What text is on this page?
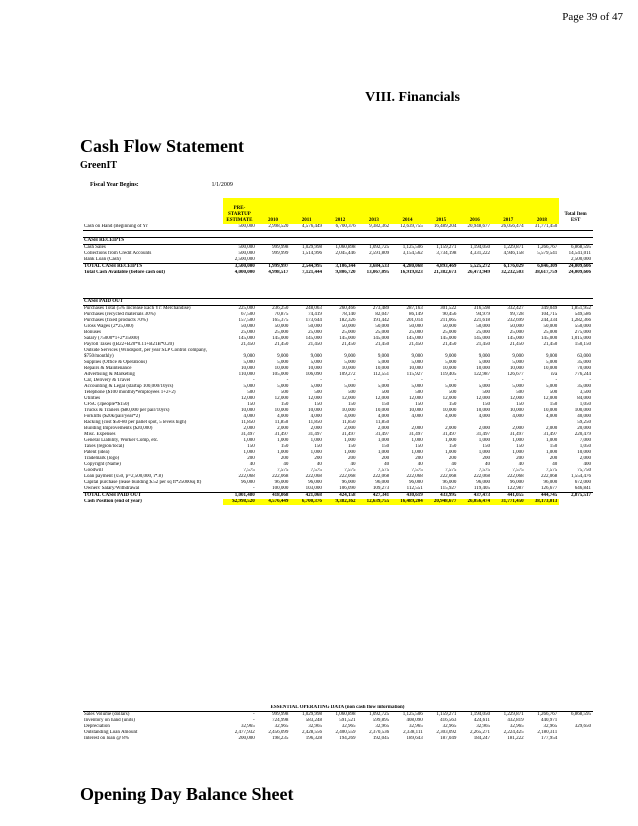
Page 39 of 47
VIII. Financials
Cash Flow Statement
GreenIT
Fiscal Year Begins:	1/1/2009
	PRE-STARTUP ESTIMATE	2010	2011	2012	2013	2014	2015	2016	2017	2018	Total Item EST
Cash on Hand (Beginning of Yr	500,000	2,998,520	4,576,449	6,700,376	9,382,362	12,639,755	16,489,204	20,948,677	26,056,474	31,771,450	
CASH RECEIPTS											
Cash Sales	500,000	999,998	1,029,998	1,060,898	1,092,725	1,125,506	1,159,271	1,194,050	1,229,871	1,266,767	6,868,595
Collections from Credit Accounts	500,000	999,999	1,514,996	2,045,446	2,591,809	3,154,562	3,734,198	4,331,222	4,946,158	5,579,541	14,541,011
Bank Loan (Cash)	2,500,000										2,500,000
TOTAL CASH RECEIPTS	3,500,000	1,999,997	2,544,995	3,106,344	3,684,533	4,280,068	4,893,469	5,525,272	6,176,029	6,846,309	24,009,606
Total Cash Available (before cash out)	4,000,000	4,998,517	7,121,444	9,806,720	13,067,095	16,919,823	21,382,673	26,473,949	32,232,503	38,617,759	24,009,606
CASH PAID OUT											
Purchases Total (5% Increase Each Yr: Merchandise)	225,000	236,250	248,063	260,466	273,489	287,163	301,522	316,598	332,427	349,049	1,851,952
Purchases (recycled materials 30%)	67,500	70,875	74,419	78,140	82,047	86,149	90,456	94,979	99,728	104,715	549,586
Purchases (fixed products 70%)	157,500	165,375	173,644	182,326	191,442	201,014	211,065	221,618	232,699	244,334	1,282,366
Gross Wages (2*25,000)	50,000	50,000	50,000	50,000	50,000	50,000	50,000	50,000	50,000	50,000	550,000
Bonuses	25,000	25,000	25,000	25,000	25,000	25,000	25,000	25,000	25,000	25,000	275,000
Salary (75000*1+2*35000)	145,000	145,000	145,000	145,000	145,000	145,000	145,000	145,000	145,000	145,000	1,015,000
Payroll Taxes ((B22+B20*0.11+B21B*0.20)	21,450	21,450	21,450	21,450	21,450	21,450	21,450	21,450	21,450	21,450	150,150
Outside Services (Windsport, per year SLP Control company, $750/monthly)	9,000	9,000	9,000	9,000	9,000	9,000	9,000	9,000	9,000	9,000	63,000
Supplies (Office & Operations)	5,000	5,000	5,000	5,000	5,000	5,000	5,000	5,000	5,000	5,000	35,000
Repairs & Maintenance	10,000	10,000	10,000	10,000	10,000	10,000	10,000	10,000	10,000	10,000	70,000
Advertising & Marketing	110,000	105,000	106,090	109,272	112,551	115,927	119,405	122,987	126,677	n/a	776,244
Car, Delivery & Travel	-	-	-	-	-	-	-	-	-	-	-
Accounting & Legal (startup 100,000/10yrs)	5,000	5,000	5,000	5,000	5,000	5,000	5,000	5,000	5,000	5,000	35,000
Telephone ($100 monthly*employees 1+2+2)	500	500	500	500	500	500	500	500	500	500	3,500
Utilities	12,000	12,000	12,000	12,000	12,000	12,000	12,000	12,000	12,000	12,000	84,000
CFSC (3people*$150)	150	150	150	150	150	150	150	150	150	150	1,050
Trucks & Trailers ($80,000 per pair/10yrs)	10,000	10,000	10,000	10,000	10,000	10,000	10,000	10,000	10,000	10,000	100,000
Forklifts ($20k/pair/year*2)	4,000	4,000	4,000	4,000	4,000	4,000	4,000	4,000	4,000	4,000	40,000
Racking (cost $50-80 per pallet spot, 5 levels high)	11,850	11,850	11,850	11,850	11,850						59,250
Building Improvements ($20,000)	2,000	2,000	2,000	2,000	2,000	2,000	2,000	2,000	2,000	2,000	20,000
Misc. Expenses	31,497	31,497	31,497	31,497	31,497	31,497	31,497	31,497	31,497	31,497	220,479
General Liability, Worker Comp, etc.	1,000	1,000	1,000	1,000	1,000	1,000	1,000	1,000	1,000	1,000	7,000
Taxes (region/local)	150	150	150	150	150	150	150	150	150	150	1,050
Patent (idea)	1,000	1,000	1,000	1,000	1,000	1,000	1,000	1,000	1,000	1,000	10,000
Trademark (logo)	200	200	200	200	200	200	200	200	200	200	2,000
Copyright (Name)	40	40	40	40	40	40	40	40	40	40	400
Goodwill	7,575	7,575	7,575	7,575	7,575	7,575	7,575	7,575	7,575	7,575	75,750
Loan payment (x50, p=2,500,000, i*.8)	222,068	222,068	222,068	222,068	222,068	222,068	222,068	222,068	222,068	222,068	1,554,476
Capital purchase (lease building $.52 per sq ft*25000sq ft)	96,000	96,000	96,000	96,000	96,000	96,000	96,000	96,000	96,000	96,000	672,000
Owners' Salary/Withdrawal	-	100,000	103,000	106,090	109,273	112,551	115,927	119,405	122,987	126,677	646,841
TOTAL CASH PAID OUT	1,001,480	418,068	421,068	424,158	427,341	430,619	433,995	437,473	441,055	444,745	2,875,517
Cash Position (end of year)	$2,998,520	4,576,449	6,700,376	9,382,362	12,639,755	16,489,204	20,948,677	26,056,474	31,771,450	38,173,013	
ESSENTIAL OPERATING DATA (non cash flow information)											
Sales Volume (dollars)	-	999,998	1,029,998	1,060,898	1,092,725	1,125,506	1,159,271	1,194,050	1,229,871	1,266,767	6,868,595
Inventory on hand (units)	-	724,998	583,248	591,521	599,895	408,090	416,563	424,611	432,819	440,971	
Depreciation	32,965	32,965	32,965	32,965	32,965	32,965	32,965	32,965	32,965	32,965	329,650
Outstanding Loan Amount	2,477,932	2,456,099	2,428,556	2,400,559	2,370,536	2,338,111	2,303,092	2,265,271	2,224,425	2,180,311	
Interest on loan @ 8%	200,000	198,235	196,328	194,269	192,045	189,643	187,049	184,247	181,222	177,954	
Opening Day Balance Sheet
